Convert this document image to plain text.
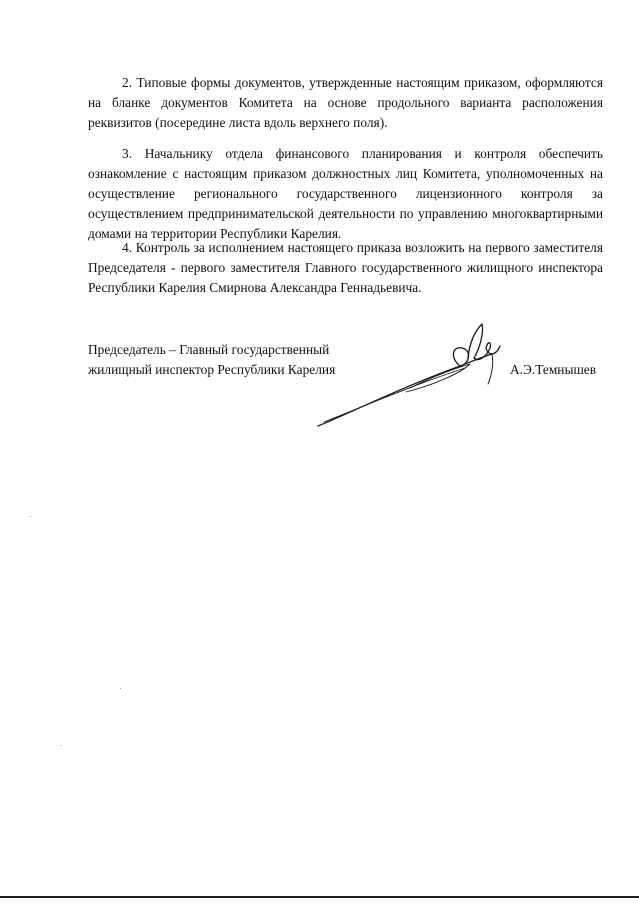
2. Типовые формы документов, утвержденные настоящим приказом, оформляются на бланке документов Комитета на основе продольного варианта расположения реквизитов (посередине листа вдоль верхнего поля).

3. Начальнику отдела финансового планирования и контроля обеспечить ознакомление с настоящим приказом должностных лиц Комитета, уполномоченных на осуществление регионального государственного лицензионного контроля за осуществлением предпринимательской деятельности по управлению многоквартирными домами на территории Республики Карелия.

4. Контроль за исполнением настоящего приказа возложить на первого заместителя Председателя - первого заместителя Главного государственного жилищного инспектора Республики Карелия Смирнова Александра Геннадьевича.

Председатель – Главный государственный
жилищный инспектор Республики Карелия	А.Э.Темнышев
